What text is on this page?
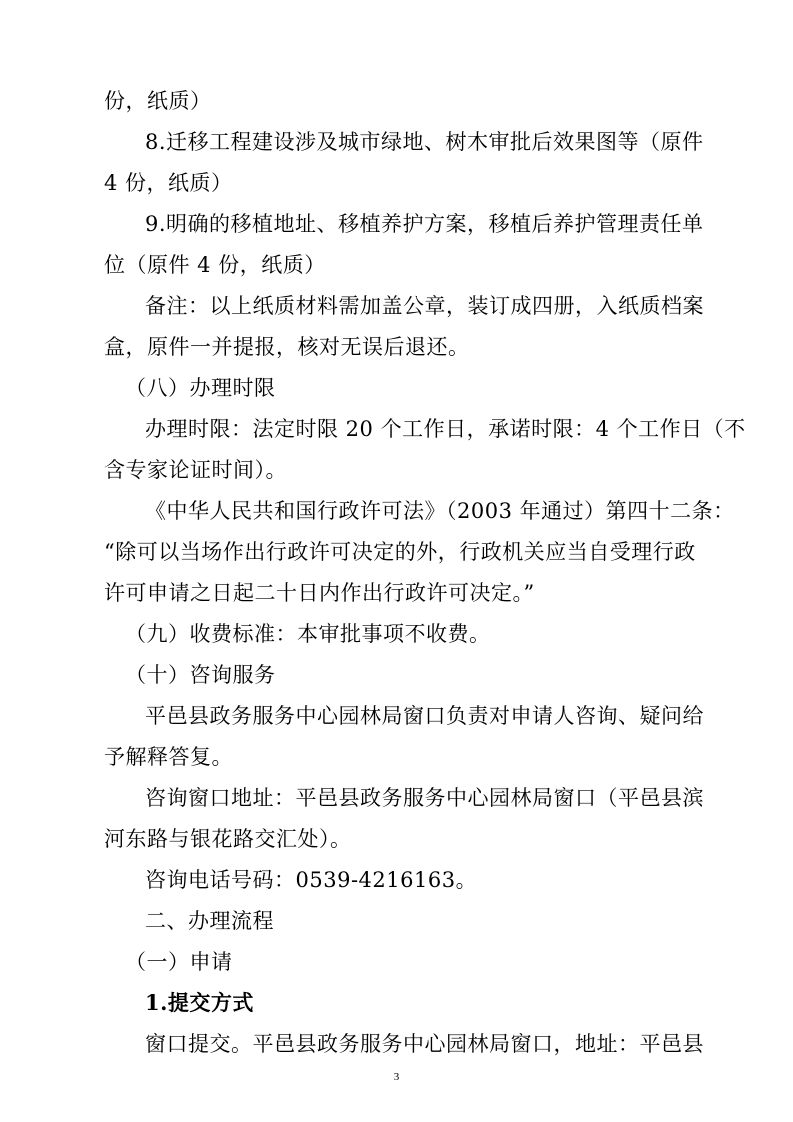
份，纸质）
8.迁移工程建设涉及城市绿地、树木审批后效果图等（原件
4 份，纸质）
9.明确的移植地址、移植养护方案，移植后养护管理责任单
位（原件 4 份，纸质）
备注：以上纸质材料需加盖公章，装订成四册，入纸质档案
盒，原件一并提报，核对无误后退还。
（八）办理时限
办理时限：法定时限 20 个工作日，承诺时限：4 个工作日（不
含专家论证时间）。
《中华人民共和国行政许可法》（2003 年通过）第四十二条：
“除可以当场作出行政许可决定的外，行政机关应当自受理行政
许可申请之日起二十日内作出行政许可决定。”
（九）收费标准：本审批事项不收费。
（十）咨询服务
平邑县政务服务中心园林局窗口负责对申请人咨询、疑问给
予解释答复。
咨询窗口地址：平邑县政务服务中心园林局窗口（平邑县滨
河东路与银花路交汇处）。
咨询电话号码：0539-4216163。
二、办理流程
（一）申请
1.提交方式
窗口提交。平邑县政务服务中心园林局窗口，地址：平邑县
3
